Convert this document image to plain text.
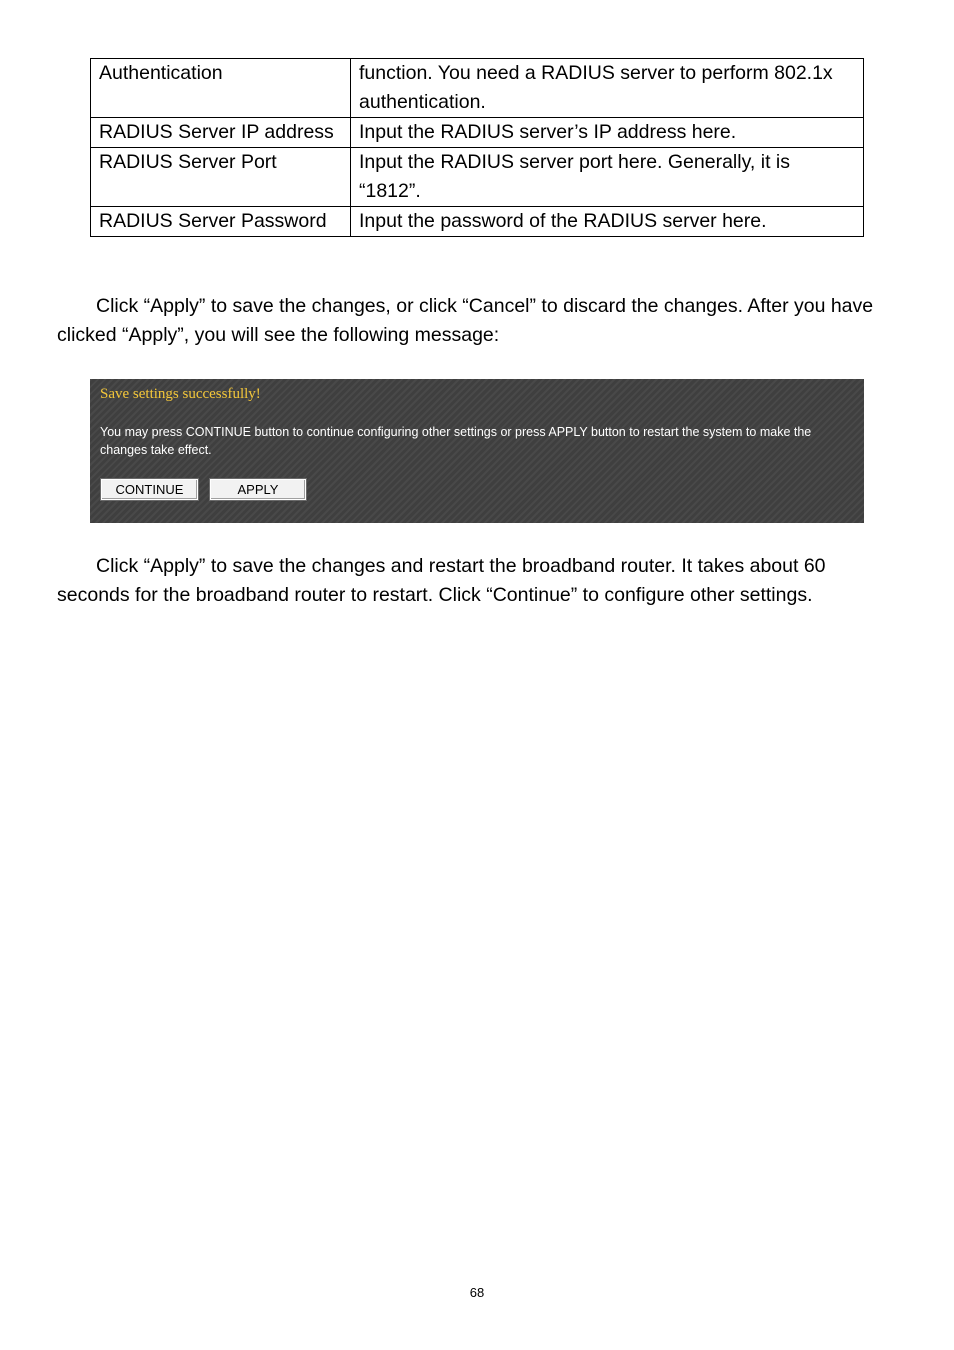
Authentication	function. You need a RADIUS server to perform 802.1x authentication.
RADIUS Server IP address	Input the RADIUS server’s IP address here.
RADIUS Server Port	Input the RADIUS server port here. Generally, it is “1812”.
RADIUS Server Password	Input the password of the RADIUS server here.
Click “Apply” to save the changes, or click “Cancel” to discard the changes. After you have clicked “Apply”, you will see the following message:
Save settings successfully!
You may press CONTINUE button to continue configuring other settings or press APPLY button to restart the system to make the changes take effect.
CONTINUE	APPLY
Click “Apply” to save the changes and restart the broadband router. It takes about 60 seconds for the broadband router to restart. Click “Continue” to configure other settings.
68
